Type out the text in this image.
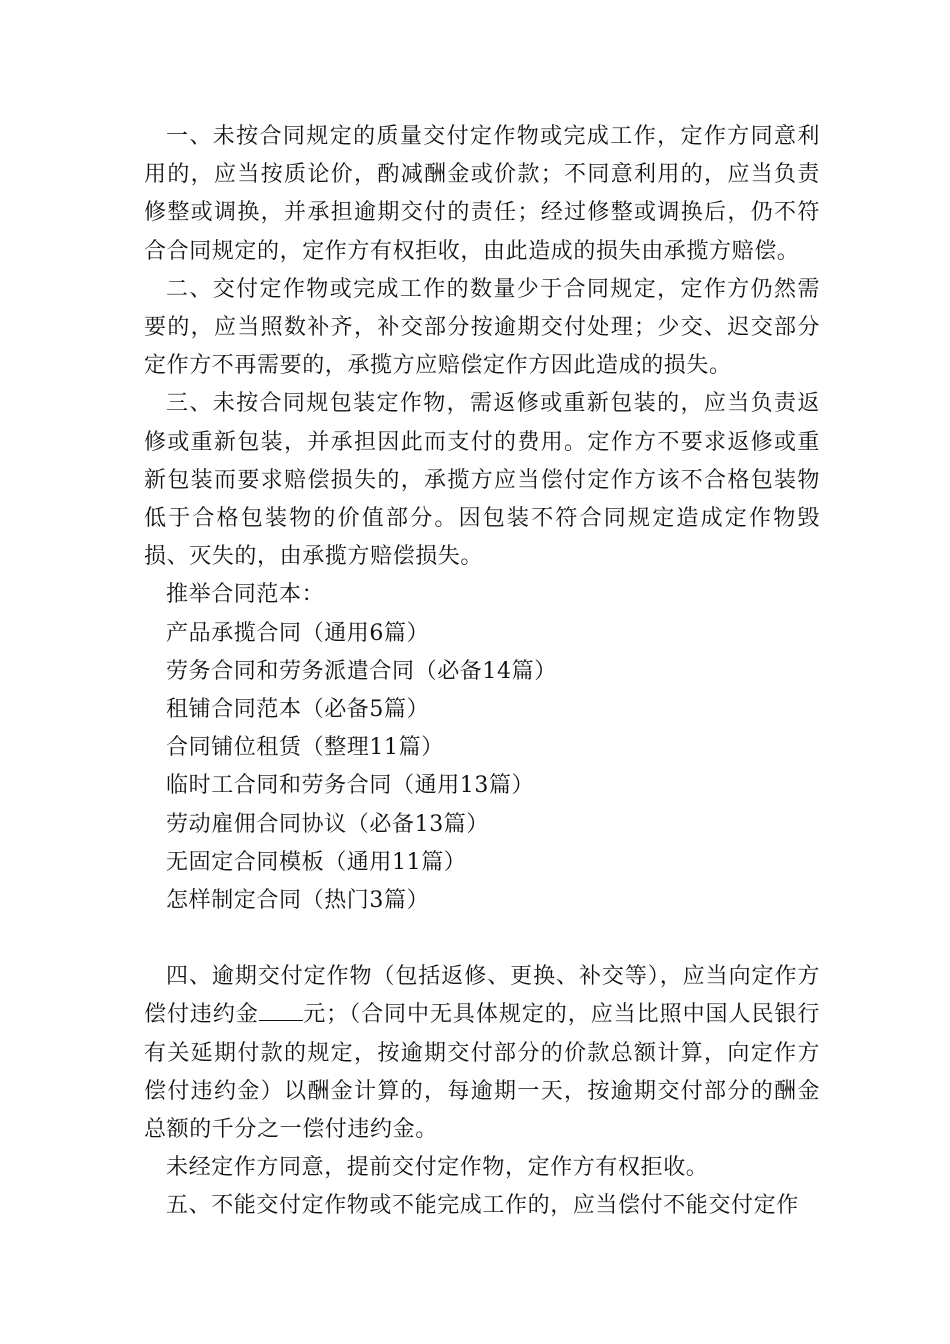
一、未按合同规定的质量交付定作物或完成工作，定作方同意利用的，应当按质论价，酌减酬金或价款；不同意利用的，应当负责修整或调换，并承担逾期交付的责任；经过修整或调换后，仍不符合合同规定的，定作方有权拒收，由此造成的损失由承揽方赔偿。

二、交付定作物或完成工作的数量少于合同规定，定作方仍然需要的，应当照数补齐，补交部分按逾期交付处理；少交、迟交部分定作方不再需要的，承揽方应赔偿定作方因此造成的损失。

三、未按合同规包装定作物，需返修或重新包装的，应当负责返修或重新包装，并承担因此而支付的费用。定作方不要求返修或重新包装而要求赔偿损失的，承揽方应当偿付定作方该不合格包装物低于合格包装物的价值部分。因包装不符合同规定造成定作物毁损、灭失的，由承揽方赔偿损失。

推举合同范本：

产品承揽合同（通用6篇）

劳务合同和劳务派遣合同（必备14篇）

租铺合同范本（必备5篇）

合同铺位租赁（整理11篇）

临时工合同和劳务合同（通用13篇）

劳动雇佣合同协议（必备13篇）

无固定合同模板（通用11篇）

怎样制定合同（热门3篇）

四、逾期交付定作物（包括返修、更换、补交等），应当向定作方偿付违约金 元；（合同中无具体规定的，应当比照中国人民银行有关延期付款的规定，按逾期交付部分的价款总额计算，向定作方偿付违约金）以酬金计算的，每逾期一天，按逾期交付部分的酬金总额的千分之一偿付违约金。

未经定作方同意，提前交付定作物，定作方有权拒收。

五、不能交付定作物或不能完成工作的，应当偿付不能交付定作
